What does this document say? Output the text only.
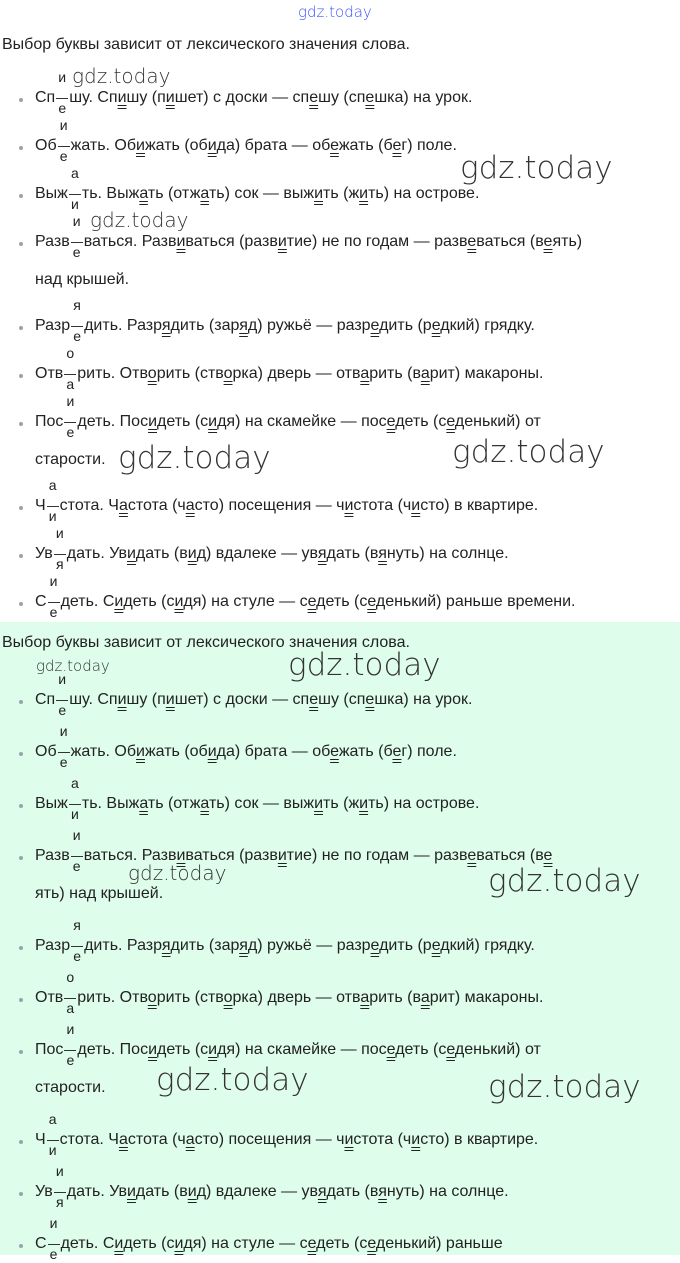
Выбор буквы зависит от лексического значения слова.

Сп $\frac{и}{е}$ шу. Спишу (пишет) с доски — спешу (спешка) на урок.
Об $\frac{и}{е}$ жать. Обижать (обида) брата — обежать (бег) поле.
Выж $\frac{а}{и}$ ть. Выжать (отжать) сок — выжить (жить) на острове.
Разв $\frac{и}{е}$ ваться. Развиваться (развитие) не по годам — развеваться (веять)
над крышей.
Разр $\frac{я}{е}$ дить. Разрядить (заряд) ружьё — разредить (редкий) грядку.
Отв $\frac{о}{а}$ рить. Отворить (створка) дверь — отварить (варит) макароны.
Пос $\frac{и}{е}$ деть. Посидеть (сидя) на скамейке — поседеть (седенький) от
старости.
Ч $\frac{а}{и}$ стота. Частота (часто) посещения — чистота (чисто) в квартире.
Ув $\frac{и}{я}$ дать. Увидать (вид) вдалеке — увядать (вянуть) на солнце.
С $\frac{и}{е}$ деть. Сидеть (сидя) на стуле — седеть (седенький) раньше времени.

Выбор буквы зависит от лексического значения слова.

Сп $\frac{и}{е}$ шу. Спишу (пишет) с доски — спешу (спешка) на урок.
Об $\frac{и}{е}$ жать. Обижать (обида) брата — обежать (бег) поле.
Выж $\frac{а}{и}$ ть. Выжать (отжать) сок — выжить (жить) на острове.
Разв $\frac{и}{е}$ ваться. Развиваться (развитие) не по годам — развеваться (ве
ять) над крышей.
Разр $\frac{я}{е}$ дить. Разрядить (заряд) ружьё — разредить (редкий) грядку.
Отв $\frac{о}{а}$ рить. Отворить (створка) дверь — отварить (варит) макароны.
Пос $\frac{и}{е}$ деть. Посидеть (сидя) на скамейке — поседеть (седенький) от
старости.
Ч $\frac{а}{и}$ стота. Частота (часто) посещения — чистота (чисто) в квартире.
Ув $\frac{и}{я}$ дать. Увидать (вид) вдалеке — увядать (вянуть) на солнце.
С $\frac{и}{е}$ деть. Сидеть (сидя) на стуле — седеть (седенький) раньше
gdz.today
gdz.today
gdz.today
gdz.today
gdz.today	gdz.today
gdz.today	gdz.today
gdz.today	gdz.today
gdz.today	gdz.today
